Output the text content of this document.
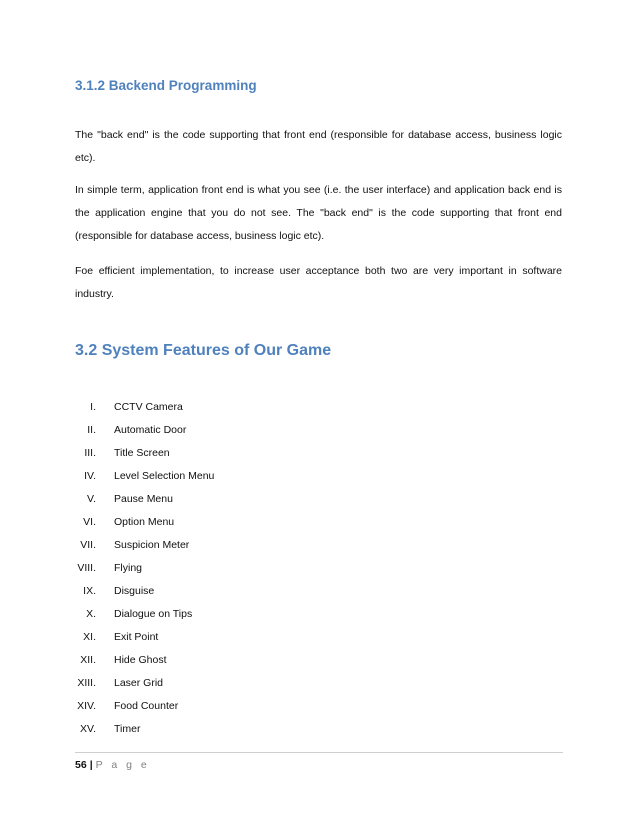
3.1.2 Backend Programming

The "back end" is the code supporting that front end (responsible for database access, business logic etc).

In simple term, application front end is what you see (i.e. the user interface) and application back end is the application engine that you do not see. The "back end" is the code supporting that front end (responsible for database access, business logic etc).

Foe efficient implementation, to increase user acceptance both two are very important in software industry.

3.2 System Features of Our Game
I. CCTV Camera
II. Automatic Door
III. Title Screen
IV. Level Selection Menu
V. Pause Menu
VI. Option Menu
VII. Suspicion Meter
VIII. Flying
IX. Disguise
X. Dialogue on Tips
XI. Exit Point
XII. Hide Ghost
XIII. Laser Grid
XIV. Food Counter
XV. Timer
56 | P a g e
